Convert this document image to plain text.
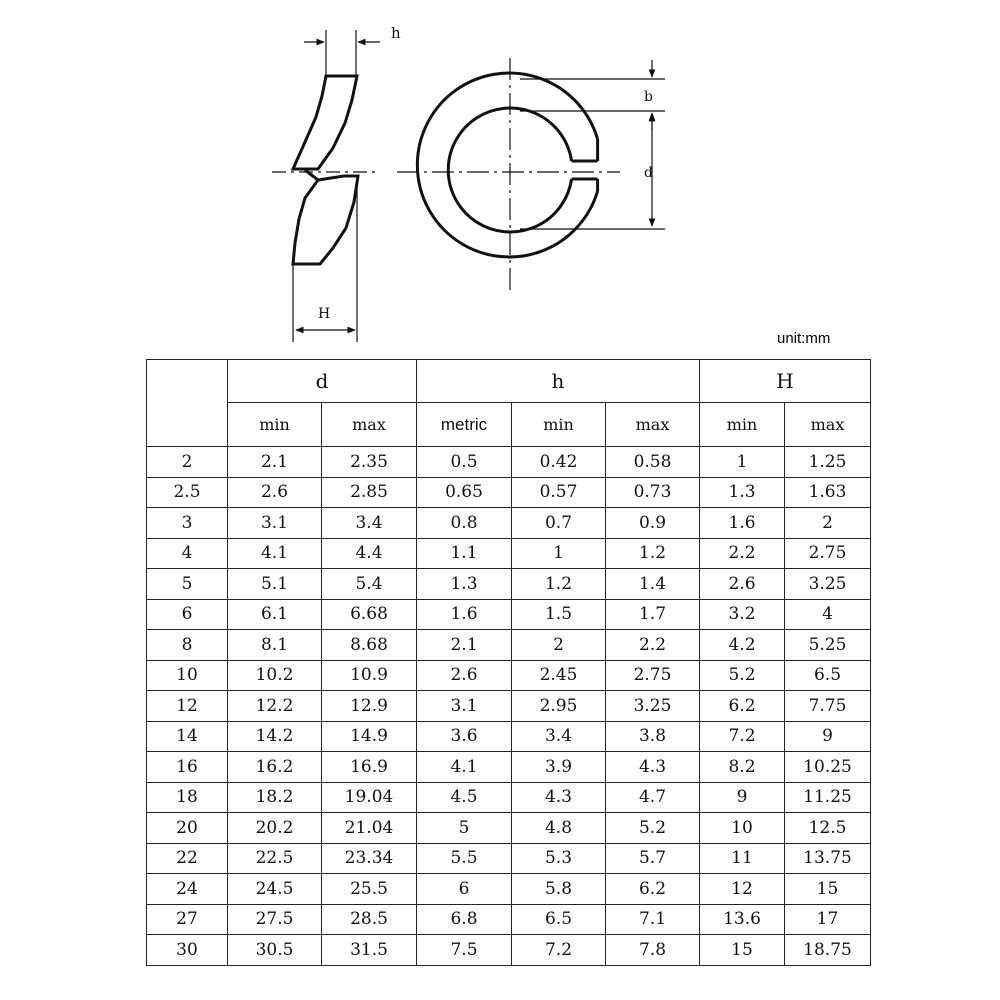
h
H
b
d
unit:mm
	d		h			H	
	min	max	metric	min	max	min	max
2	2.1	2.35	0.5	0.42	0.58	1	1.25
2.5	2.6	2.85	0.65	0.57	0.73	1.3	1.63
3	3.1	3.4	0.8	0.7	0.9	1.6	2
4	4.1	4.4	1.1	1	1.2	2.2	2.75
5	5.1	5.4	1.3	1.2	1.4	2.6	3.25
6	6.1	6.68	1.6	1.5	1.7	3.2	4
8	8.1	8.68	2.1	2	2.2	4.2	5.25
10	10.2	10.9	2.6	2.45	2.75	5.2	6.5
12	12.2	12.9	3.1	2.95	3.25	6.2	7.75
14	14.2	14.9	3.6	3.4	3.8	7.2	9
16	16.2	16.9	4.1	3.9	4.3	8.2	10.25
18	18.2	19.04	4.5	4.3	4.7	9	11.25
20	20.2	21.04	5	4.8	5.2	10	12.5
22	22.5	23.34	5.5	5.3	5.7	11	13.75
24	24.5	25.5	6	5.8	6.2	12	15
27	27.5	28.5	6.8	6.5	7.1	13.6	17
30	30.5	31.5	7.5	7.2	7.8	15	18.75
